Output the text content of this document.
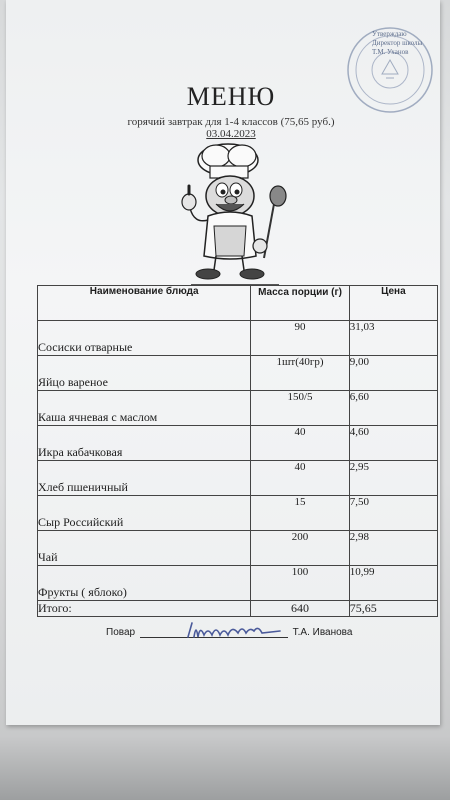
Утверждаю
Директор школы
Т.М. Уханов
МЕНЮ
горячий завтрак для 1-4 классов (75,65 руб.)
03.04.2023
Наименование блюда	Масса порции (г)	Цена
Сосиски отварные	90	31,03
Яйцо вареное	1шт(40гр)	9,00
Каша ячневая с маслом	150/5	6,60
Икра кабачковая	40	4,60
Хлеб пшеничный	40	2,95
Сыр Российский	15	7,50
Чай	200	2,98
Фрукты ( яблоко)	100	10,99
Итого:	640	75,65
Повар	Т.А. Иванова
